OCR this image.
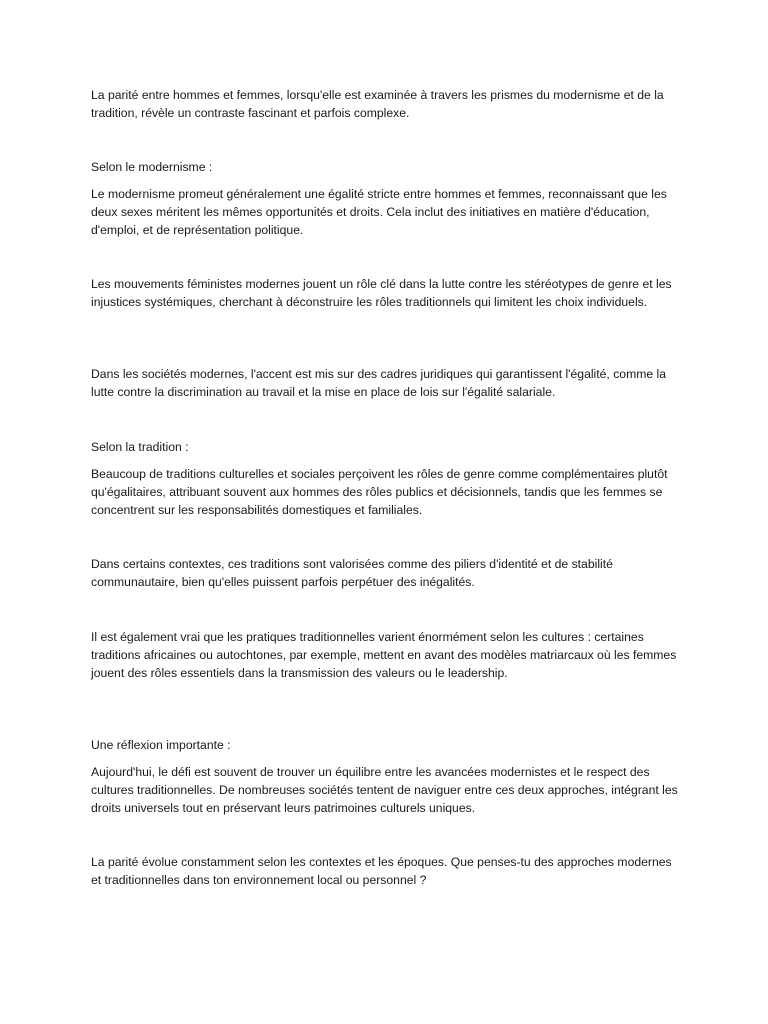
La parité entre hommes et femmes, lorsqu'elle est examinée à travers les prismes du modernisme et de la tradition, révèle un contraste fascinant et parfois complexe.

Selon le modernisme :

Le modernisme promeut généralement une égalité stricte entre hommes et femmes, reconnaissant que les deux sexes méritent les mêmes opportunités et droits. Cela inclut des initiatives en matière d'éducation, d'emploi, et de représentation politique.

Les mouvements féministes modernes jouent un rôle clé dans la lutte contre les stéréotypes de genre et les injustices systémiques, cherchant à déconstruire les rôles traditionnels qui limitent les choix individuels.

Dans les sociétés modernes, l'accent est mis sur des cadres juridiques qui garantissent l'égalité, comme la lutte contre la discrimination au travail et la mise en place de lois sur l'égalité salariale.

Selon la tradition :

Beaucoup de traditions culturelles et sociales perçoivent les rôles de genre comme complémentaires plutôt qu'égalitaires, attribuant souvent aux hommes des rôles publics et décisionnels, tandis que les femmes se concentrent sur les responsabilités domestiques et familiales.

Dans certains contextes, ces traditions sont valorisées comme des piliers d'identité et de stabilité communautaire, bien qu'elles puissent parfois perpétuer des inégalités.

Il est également vrai que les pratiques traditionnelles varient énormément selon les cultures : certaines traditions africaines ou autochtones, par exemple, mettent en avant des modèles matriarcaux où les femmes jouent des rôles essentiels dans la transmission des valeurs ou le leadership.

Une réflexion importante :

Aujourd'hui, le défi est souvent de trouver un équilibre entre les avancées modernistes et le respect des cultures traditionnelles. De nombreuses sociétés tentent de naviguer entre ces deux approches, intégrant les droits universels tout en préservant leurs patrimoines culturels uniques.

La parité évolue constamment selon les contextes et les époques. Que penses-tu des approches modernes et traditionnelles dans ton environnement local ou personnel ?
